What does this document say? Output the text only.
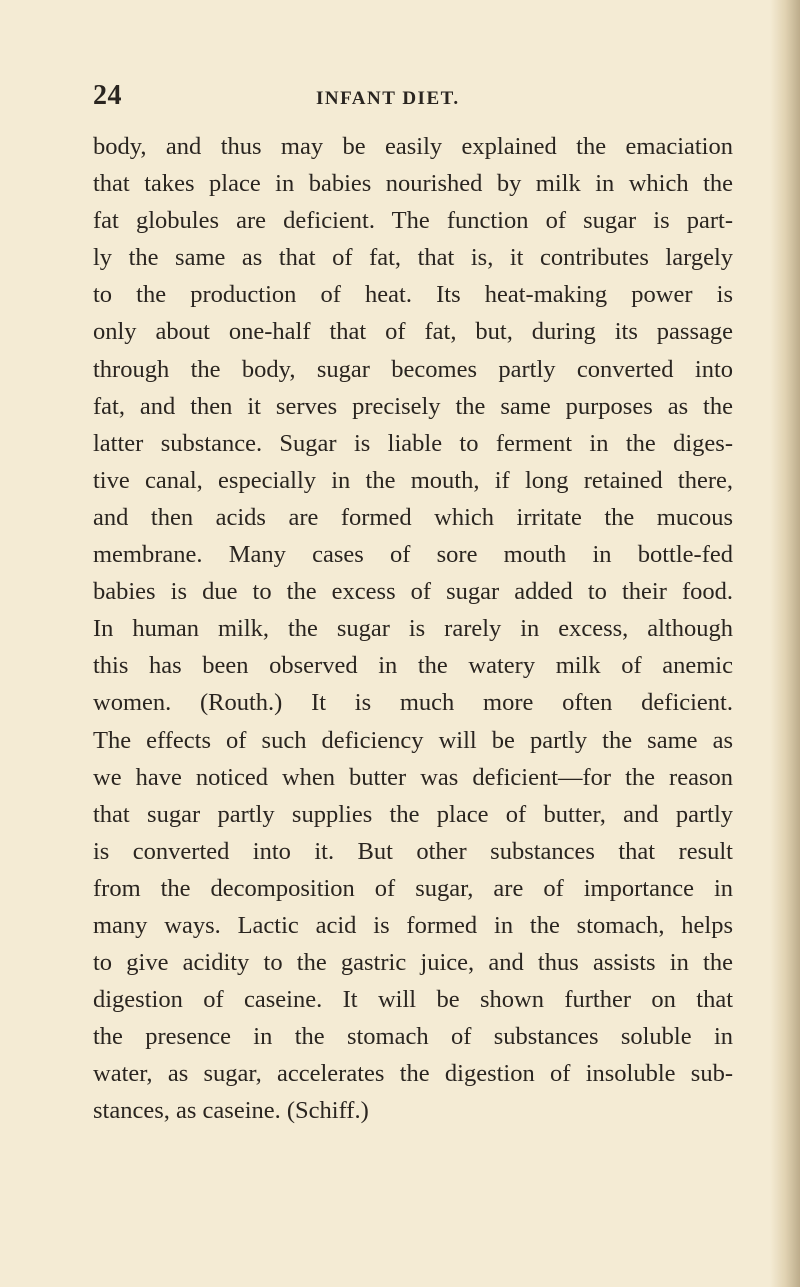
24	INFANT DIET.
body, and thus may be easily explained the emaciation
that takes place in babies nourished by milk in which the
fat globules are deficient. The function of sugar is part-
ly the same as that of fat, that is, it contributes largely
to the production of heat. Its heat-making power is
only about one-half that of fat, but, during its passage
through the body, sugar becomes partly converted into
fat, and then it serves precisely the same purposes as the
latter substance. Sugar is liable to ferment in the diges-
tive canal, especially in the mouth, if long retained there,
and then acids are formed which irritate the mucous
membrane. Many cases of sore mouth in bottle-fed
babies is due to the excess of sugar added to their food.
In human milk, the sugar is rarely in excess, although
this has been observed in the watery milk of anemic
women. (Routh.) It is much more often deficient.
The effects of such deficiency will be partly the same as
we have noticed when butter was deficient—for the reason
that sugar partly supplies the place of butter, and partly
is converted into it. But other substances that result
from the decomposition of sugar, are of importance in
many ways. Lactic acid is formed in the stomach, helps
to give acidity to the gastric juice, and thus assists in the
digestion of caseine. It will be shown further on that
the presence in the stomach of substances soluble in
water, as sugar, accelerates the digestion of insoluble sub-
stances, as caseine. (Schiff.)
